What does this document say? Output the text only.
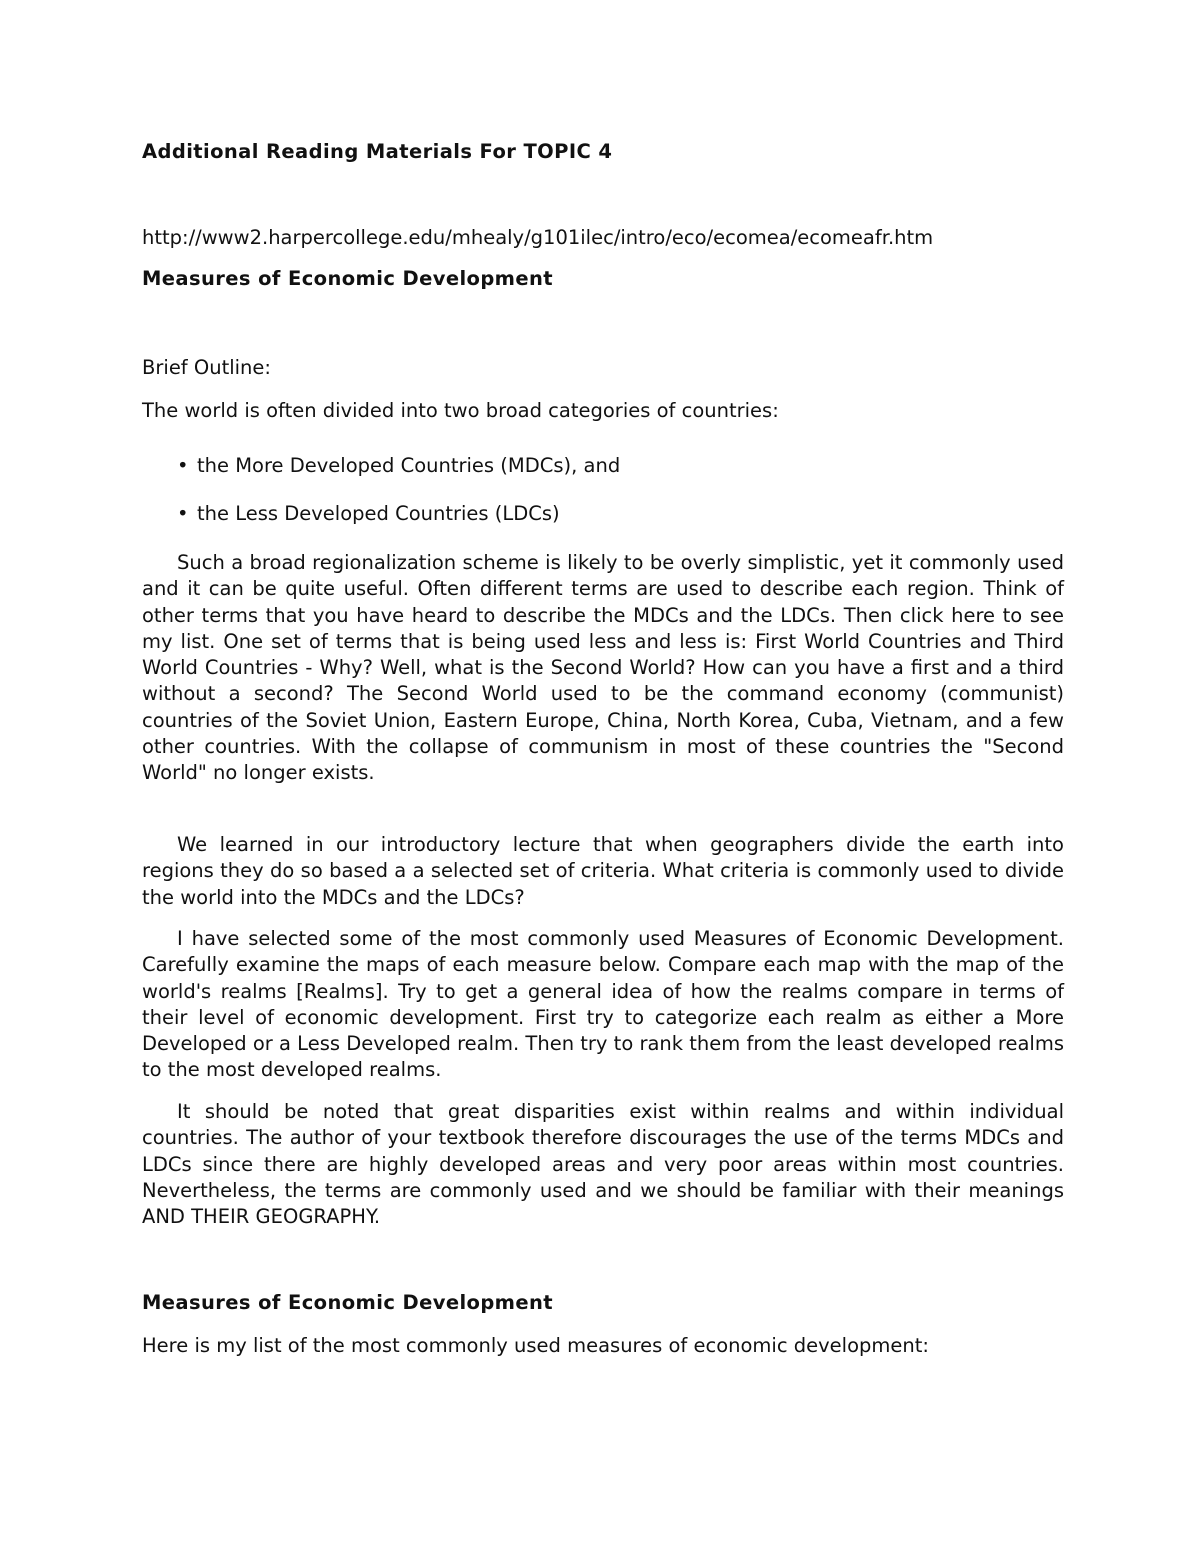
Additional Reading Materials For TOPIC 4

http://www2.harpercollege.edu/mhealy/g101ilec/intro/eco/ecomea/ecomeafr.htm

Measures of Economic Development

Brief Outline:

The world is often divided into two broad categories of countries:

• the More Developed Countries (MDCs), and

• the Less Developed Countries (LDCs)

Such a broad regionalization scheme is likely to be overly simplistic, yet it commonly used and it can be quite useful. Often different terms are used to describe each region. Think of other terms that you have heard to describe the MDCs and the LDCs. Then click here to see my list. One set of terms that is being used less and less is: First World Countries and Third World Countries - Why? Well, what is the Second World? How can you have a first and a third without a second? The Second World used to be the command economy (communist) countries of the Soviet Union, Eastern Europe, China, North Korea, Cuba, Vietnam, and a few other countries. With the collapse of communism in most of these countries the "Second World" no longer exists.

We learned in our introductory lecture that when geographers divide the earth into regions they do so based a a selected set of criteria. What criteria is commonly used to divide the world into the MDCs and the LDCs?

I have selected some of the most commonly used Measures of Economic Development. Carefully examine the maps of each measure below. Compare each map with the map of the world's realms [Realms]. Try to get a general idea of how the realms compare in terms of their level of economic development. First try to categorize each realm as either a More Developed or a Less Developed realm. Then try to rank them from the least developed realms to the most developed realms.

It should be noted that great disparities exist within realms and within individual countries. The author of your textbook therefore discourages the use of the terms MDCs and LDCs since there are highly developed areas and very poor areas within most countries. Nevertheless, the terms are commonly used and we should be familiar with their meanings AND THEIR GEOGRAPHY.

Measures of Economic Development

Here is my list of the most commonly used measures of economic development:
